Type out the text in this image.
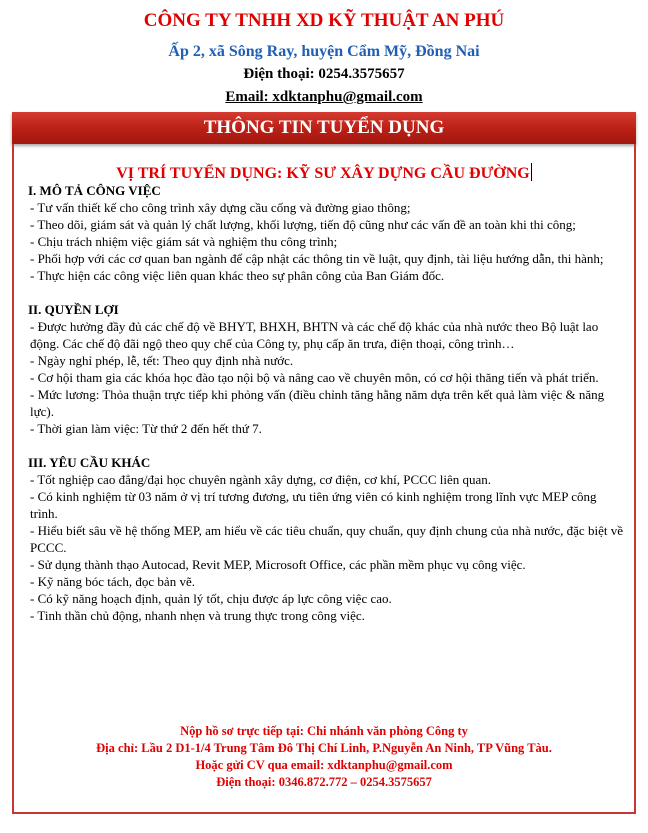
CÔNG TY TNHH XD KỸ THUẬT AN PHÚ
Ấp 2, xã Sông Ray, huyện Cẩm Mỹ, Đồng Nai
Điện thoại: 0254.3575657
Email: xdktanphu@gmail.com
THÔNG TIN TUYỂN DỤNG
VỊ TRÍ TUYỂN DỤNG: KỸ SƯ XÂY DỰNG CẦU ĐƯỜNG

I. MÔ TẢ CÔNG VIỆC

- Tư vấn thiết kế cho công trình xây dựng cầu cống và đường giao thông;

- Theo dõi, giám sát và quản lý chất lượng, khối lượng, tiến độ cũng như các vấn đề an toàn khi thi công;

- Chịu trách nhiệm việc giám sát và nghiệm thu công trình;

- Phối hợp với các cơ quan ban ngành để cập nhật các thông tin về luật, quy định, tài liệu hướng dẫn, thi hành;

- Thực hiện các công việc liên quan khác theo sự phân công của Ban Giám đốc.

II. QUYỀN LỢI

- Được hưởng đầy đủ các chế độ về BHYT, BHXH, BHTN và các chế độ khác của nhà nước theo Bộ luật lao động. Các chế độ đãi ngộ theo quy chế của Công ty, phụ cấp ăn trưa, điện thoại, công trình…

- Ngày nghỉ phép, lễ, tết: Theo quy định nhà nước.

- Cơ hội tham gia các khóa học đào tạo nội bộ và nâng cao về chuyên môn, có cơ hội thăng tiến và phát triển.

- Mức lương: Thỏa thuận trực tiếp khi phỏng vấn (điều chỉnh tăng hằng năm dựa trên kết quả làm việc & năng lực).

- Thời gian làm việc: Từ thứ 2 đến hết thứ 7.

III. YÊU CẦU KHÁC

- Tốt nghiệp cao đẳng/đại học chuyên ngành xây dựng, cơ điện, cơ khí, PCCC liên quan.

- Có kinh nghiệm từ 03 năm ở vị trí tương đương, ưu tiên ứng viên có kinh nghiệm trong lĩnh vực MEP công trình.

- Hiểu biết sâu về hệ thống MEP, am hiểu về các tiêu chuẩn, quy chuẩn, quy định chung của nhà nước, đặc biệt về PCCC.

- Sử dụng thành thạo Autocad, Revit MEP, Microsoft Office, các phần mềm phục vụ công việc.

- Kỹ năng bóc tách, đọc bản vẽ.

- Có kỹ năng hoạch định, quản lý tốt, chịu được áp lực công việc cao.

- Tinh thần chủ động, nhanh nhẹn và trung thực trong công việc.

Nộp hồ sơ trực tiếp tại: Chi nhánh văn phòng Công ty
Địa chỉ: Lầu 2 D1-1/4 Trung Tâm Đô Thị Chí Linh, P.Nguyễn An Ninh, TP Vũng Tàu.
Hoặc gửi CV qua email: xdktanphu@gmail.com
Điện thoại: 0346.872.772 – 0254.3575657
